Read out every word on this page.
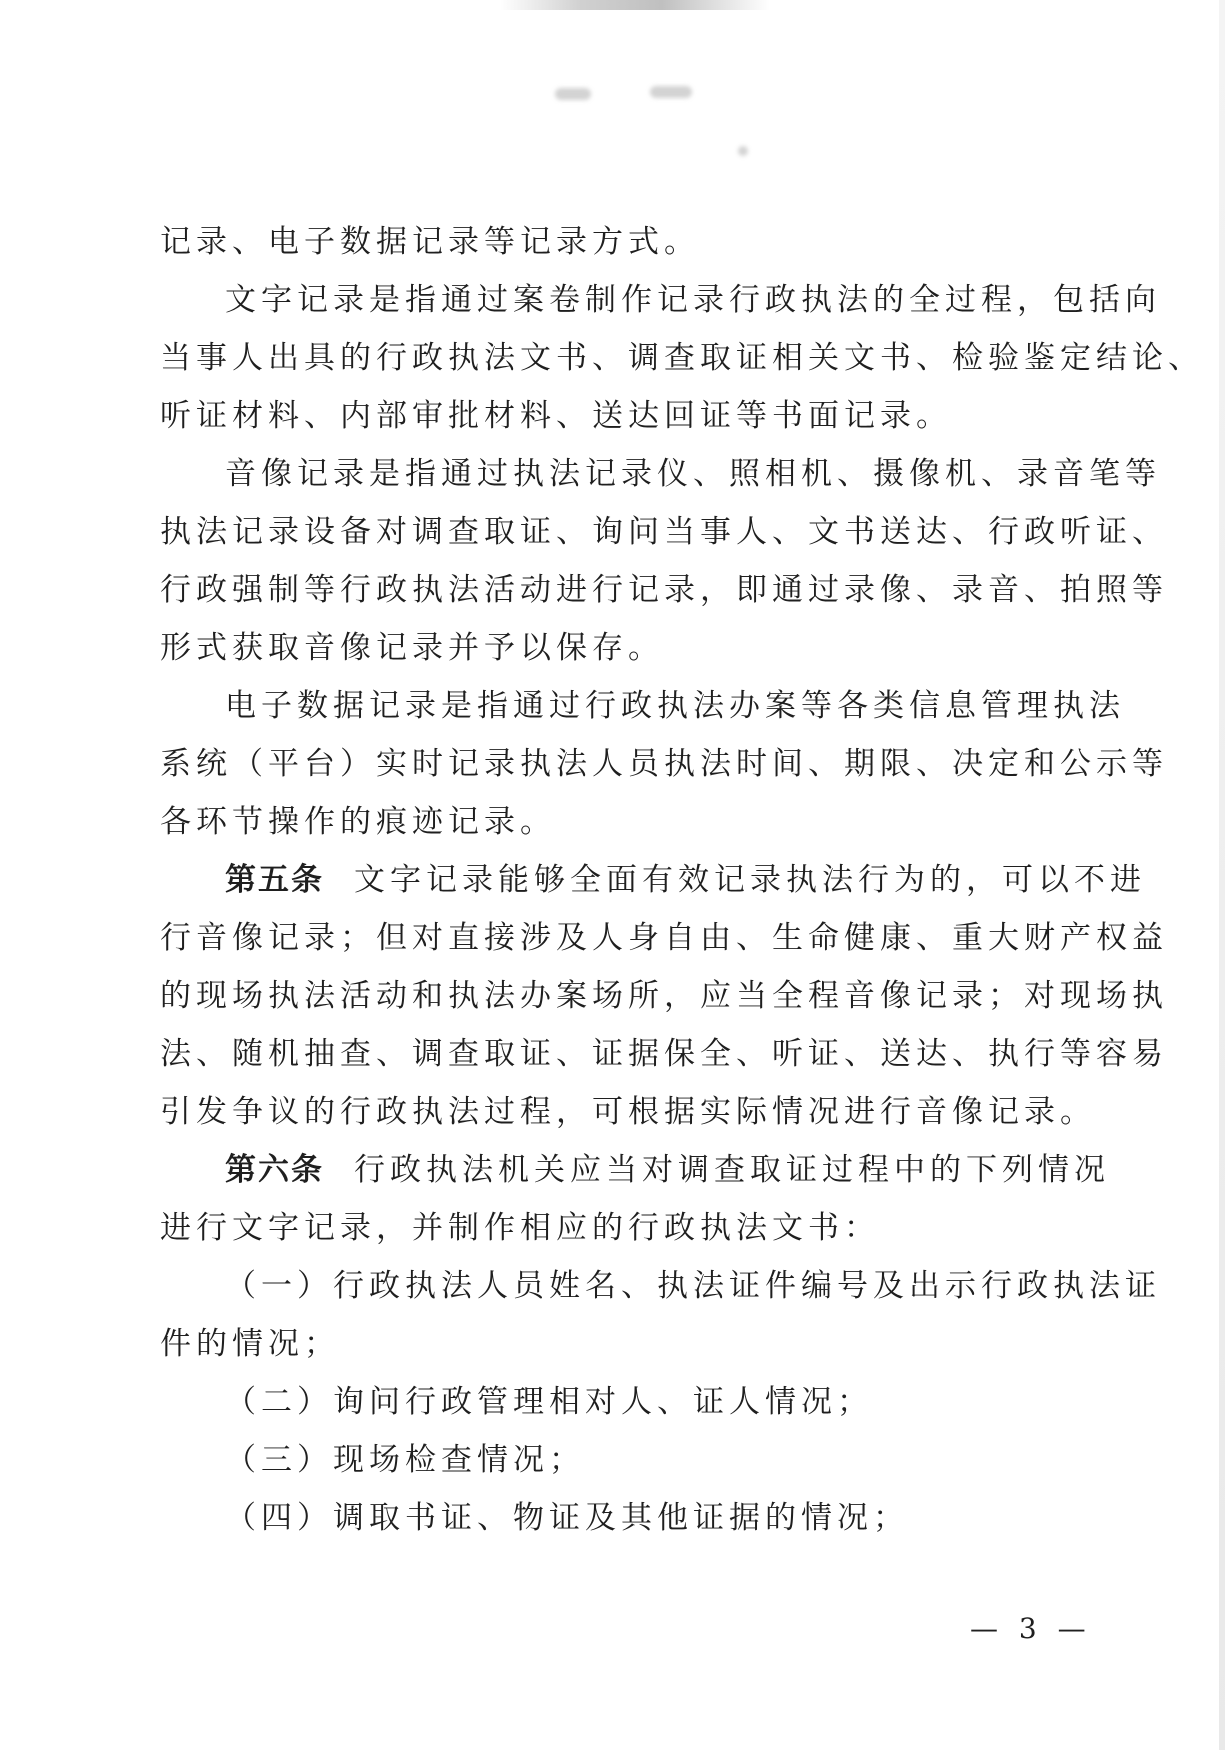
记录、电子数据记录等记录方式。
文字记录是指通过案卷制作记录行政执法的全过程，包括向
当事人出具的行政执法文书、调查取证相关文书、检验鉴定结论、
听证材料、内部审批材料、送达回证等书面记录。
音像记录是指通过执法记录仪、照相机、摄像机、录音笔等
执法记录设备对调查取证、询问当事人、文书送达、行政听证、
行政强制等行政执法活动进行记录，即通过录像、录音、拍照等
形式获取音像记录并予以保存。
电子数据记录是指通过行政执法办案等各类信息管理执法
系统（平台）实时记录执法人员执法时间、期限、决定和公示等
各环节操作的痕迹记录。
第五条 文字记录能够全面有效记录执法行为的，可以不进
行音像记录；但对直接涉及人身自由、生命健康、重大财产权益
的现场执法活动和执法办案场所，应当全程音像记录；对现场执
法、随机抽查、调查取证、证据保全、听证、送达、执行等容易
引发争议的行政执法过程，可根据实际情况进行音像记录。
第六条 行政执法机关应当对调查取证过程中的下列情况
进行文字记录，并制作相应的行政执法文书：
（一）行政执法人员姓名、执法证件编号及出示行政执法证
件的情况；
（二）询问行政管理相对人、证人情况；
（三）现场检查情况；
（四）调取书证、物证及其他证据的情况；
— 3 —
